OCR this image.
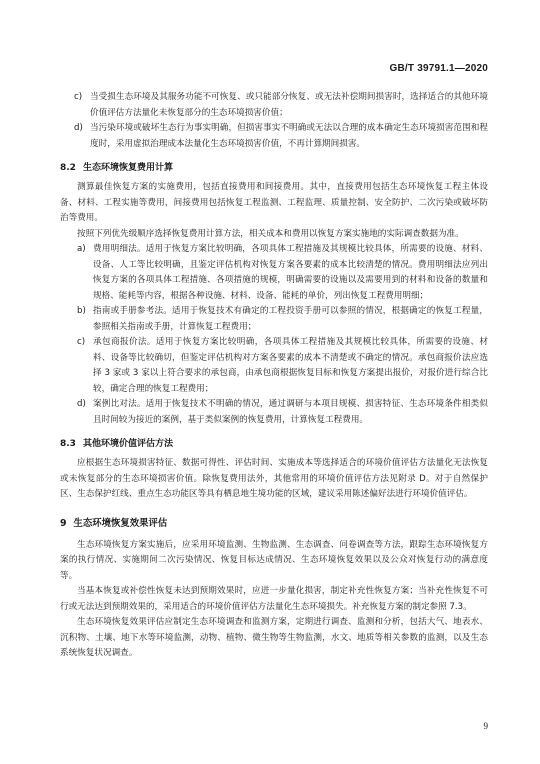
GB/T 39791.1—2020
c) 当受损生态环境及其服务功能不可恢复、或只能部分恢复、或无法补偿期间损害时，选择适合的其他环境价值评估方法量化未恢复部分的生态环境损害价值；

d) 当污染环境或破坏生态行为事实明确，但损害事实不明确或无法以合理的成本确定生态环境损害范围和程度时，采用虚拟治理成本法量化生态环境损害价值，不再计算期间损害。

8.2 生态环境恢复费用计算

测算最佳恢复方案的实施费用，包括直接费用和间接费用。其中，直接费用包括生态环境恢复工程主体设备、材料、工程实施等费用，间接费用包括恢复工程监测、工程监理、质量控制、安全防护、二次污染或破坏防治等费用。

按照下列优先级顺序选择恢复费用计算方法，相关成本和费用以恢复方案实施地的实际调查数据为准。

a) 费用明细法。适用于恢复方案比较明确，各项具体工程措施及其规模比较具体，所需要的设施、材料、设备、人工等比较明确，且鉴定评估机构对恢复方案各要素的成本比较清楚的情况。费用明细法应列出恢复方案的各项具体工程措施、各项措施的规模，明确需要的设施以及需要用到的材料和设备的数量和规格、能耗等内容，根据各种设施、材料、设备、能耗的单价，列出恢复工程费用明细；

b) 指南或手册参考法。适用于恢复技术有确定的工程投资手册可以参照的情况，根据确定的恢复工程量，参照相关指南或手册，计算恢复工程费用；

c) 承包商报价法。适用于恢复方案比较明确，各项具体工程措施及其规模比较具体，所需要的设施、材料、设备等比较确切，但鉴定评估机构对方案各要素的成本不清楚或不确定的情况。承包商报价法应选择 3 家或 3 家以上符合要求的承包商，由承包商根据恢复目标和恢复方案提出报价，对报价进行综合比较，确定合理的恢复工程费用；

d) 案例比对法。适用于恢复技术不明确的情况，通过调研与本项目规模、损害特征、生态环境条件相类似且时间较为接近的案例，基于类似案例的恢复费用，计算恢复工程费用。

8.3 其他环境价值评估方法

应根据生态环境损害特征、数据可得性、评估时间、实施成本等选择适合的环境价值评估方法量化无法恢复或未恢复部分的生态环境损害价值。除恢复费用法外，其他常用的环境价值评估方法见附录 D。对于自然保护区、生态保护红线、重点生态功能区等具有栖息地生境功能的区域，建议采用陈述偏好法进行环境价值评估。

9 生态环境恢复效果评估

生态环境恢复方案实施后，应采用环境监测、生物监测、生态调查、问卷调查等方法，跟踪生态环境恢复方案的执行情况、实施期间二次污染情况、恢复目标达成情况、生态环境恢复效果以及公众对恢复行动的满意度等。

当基本恢复或补偿性恢复未达到预期效果时，应进一步量化损害，制定补充性恢复方案；当补充性恢复不可行或无法达到预期效果的，采用适合的环境价值评估方法量化生态环境损失。补充恢复方案的制定参照 7.3。

生态环境恢复效果评估应制定生态环境调查和监测方案，定期进行调查、监测和分析，包括大气、地表水、沉积物、土壤、地下水等环境监测，动物、植物、微生物等生物监测，水文、地质等相关参数的监测，以及生态系统恢复状况调查。

9
